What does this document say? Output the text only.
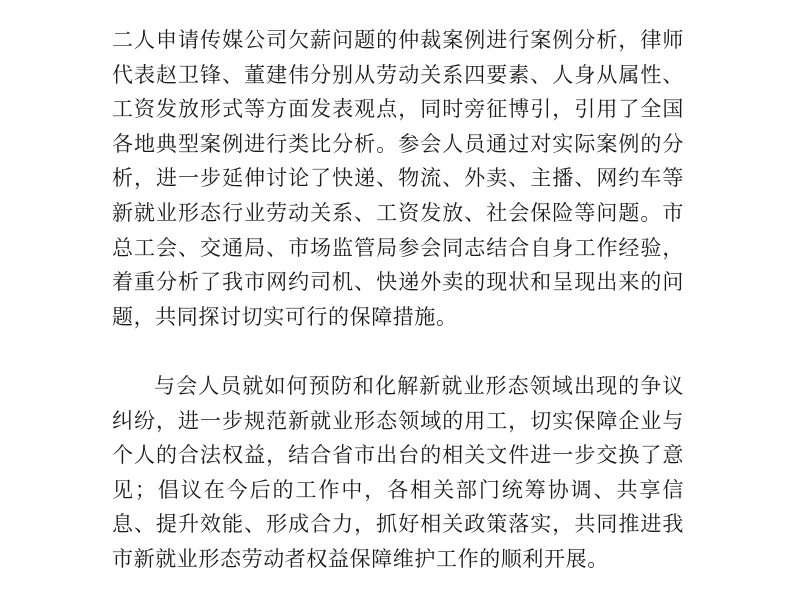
二人申请传媒公司欠薪问题的仲裁案例进行案例分析，律师代表赵卫锋、董建伟分别从劳动关系四要素、人身从属性、工资发放形式等方面发表观点，同时旁征博引，引用了全国各地典型案例进行类比分析。参会人员通过对实际案例的分析，进一步延伸讨论了快递、物流、外卖、主播、网约车等新就业形态行业劳动关系、工资发放、社会保险等问题。市总工会、交通局、市场监管局参会同志结合自身工作经验，着重分析了我市网约司机、快递外卖的现状和呈现出来的问题，共同探讨切实可行的保障措施。

与会人员就如何预防和化解新就业形态领域出现的争议纠纷，进一步规范新就业形态领域的用工，切实保障企业与个人的合法权益，结合省市出台的相关文件进一步交换了意见；倡议在今后的工作中，各相关部门统筹协调、共享信息、提升效能、形成合力，抓好相关政策落实，共同推进我市新就业形态劳动者权益保障维护工作的顺利开展。
